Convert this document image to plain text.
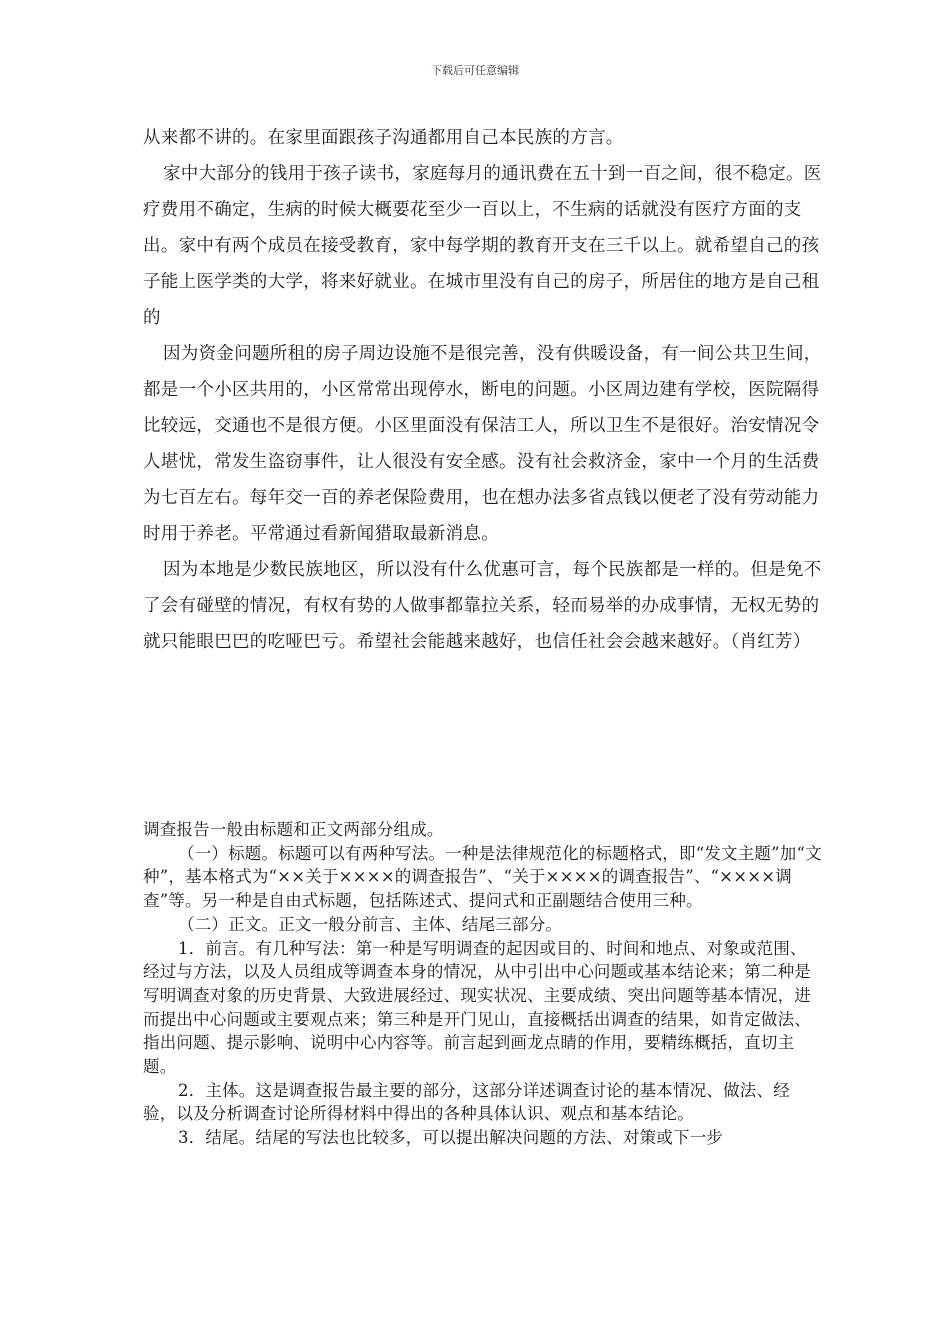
下载后可任意编辑

从来都不讲的。在家里面跟孩子沟通都用自己本民族的方言。

家中大部分的钱用于孩子读书，家庭每月的通讯费在五十到一百之间，很不稳定。医疗费用不确定，生病的时候大概要花至少一百以上，不生病的话就没有医疗方面的支出。家中有两个成员在接受教育，家中每学期的教育开支在三千以上。就希望自己的孩子能上医学类的大学，将来好就业。在城市里没有自己的房子，所居住的地方是自己租的

因为资金问题所租的房子周边设施不是很完善，没有供暖设备，有一间公共卫生间，都是一个小区共用的，小区常常出现停水，断电的问题。小区周边建有学校，医院隔得比较远，交通也不是很方便。小区里面没有保洁工人，所以卫生不是很好。治安情况令人堪忧，常发生盗窃事件，让人很没有安全感。没有社会救济金，家中一个月的生活费为七百左右。每年交一百的养老保险费用，也在想办法多省点钱以便老了没有劳动能力时用于养老。平常通过看新闻猎取最新消息。

因为本地是少数民族地区，所以没有什么优惠可言，每个民族都是一样的。但是免不了会有碰壁的情况，有权有势的人做事都靠拉关系，轻而易举的办成事情，无权无势的就只能眼巴巴的吃哑巴亏。希望社会能越来越好，也信任社会会越来越好。（肖红芳）

调查报告一般由标题和正文两部分组成。

（一）标题。标题可以有两种写法。一种是法律规范化的标题格式，即“发文主题”加“文种”，基本格式为“××关于××××的调查报告”、“关于××××的调查报告”、“××××调查”等。另一种是自由式标题，包括陈述式、提问式和正副题结合使用三种。

（二）正文。正文一般分前言、主体、结尾三部分。

1．前言。有几种写法：第一种是写明调查的起因或目的、时间和地点、对象或范围、经过与方法，以及人员组成等调查本身的情况，从中引出中心问题或基本结论来；第二种是写明调查对象的历史背景、大致进展经过、现实状况、主要成绩、突出问题等基本情况，进而提出中心问题或主要观点来；第三种是开门见山，直接概括出调查的结果，如肯定做法、指出问题、提示影响、说明中心内容等。前言起到画龙点睛的作用，要精练概括，直切主题。

2．主体。这是调查报告最主要的部分，这部分详述调查讨论的基本情况、做法、经验，以及分析调查讨论所得材料中得出的各种具体认识、观点和基本结论。

3．结尾。结尾的写法也比较多，可以提出解决问题的方法、对策或下一步
